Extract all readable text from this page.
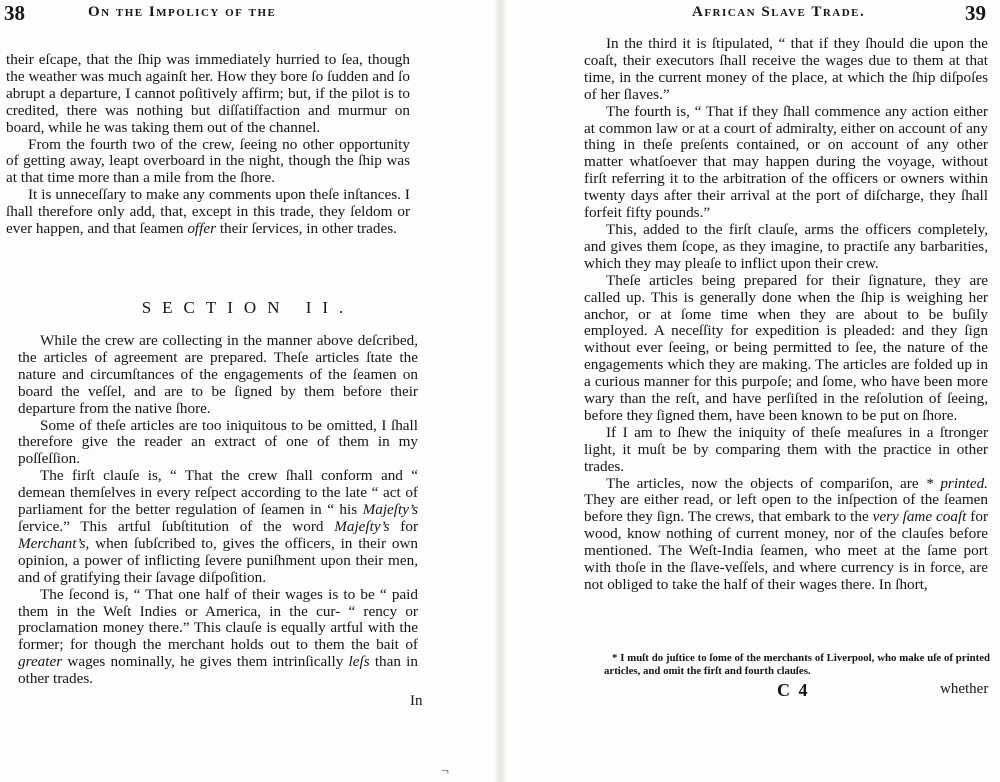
38	On the Impolicy of the

their eſcape, that the ſhip was immediately hurried to ſea, though the weather was much againſt her. How they bore ſo ſudden and ſo abrupt a departure, I cannot poſitively affirm; but, if the pilot is to credited, there was nothing but diſſatiſfaction and murmur on board, while he was taking them out of the channel.

From the fourth two of the crew, ſeeing no other opportunity of getting away, leapt overboard in the night, though the ſhip was at that time more than a mile from the ſhore.

It is unneceſſary to make any comments upon theſe inſtances. I ſhall therefore only add, that, except in this trade, they ſeldom or ever happen, and that ſeamen offer their ſervices, in other trades.

SECTION II.

While the crew are collecting in the manner above deſcribed, the articles of agreement are prepared. Theſe articles ſtate the nature and circumſtances of the engagements of the ſeamen on board the veſſel, and are to be ſigned by them before their departure from the native ſhore.

Some of theſe articles are too iniquitous to be omitted, I ſhall therefore give the reader an extract of one of them in my poſſeſſion.

The firſt clauſe is, “ That the crew ſhall conform and “ demean themſelves in every reſpect according to the late “ act of parliament for the better regulation of ſeamen in “ his Majeſty’s ſervice.” This artful ſubſtitution of the word Majeſty’s for Merchant’s, when ſubſcribed to, gives the officers, in their own opinion, a power of inflicting ſevere puniſhment upon their men, and of gratifying their ſavage diſpoſition.

The ſecond is, “ That one half of their wages is to be “ paid them in the Weſt Indies or America, in the cur- “ rency or proclamation money there.” This clauſe is equally artful with the former; for though the merchant holds out to them the bait of greater wages nominally, he gives them intrinſically leſs than in other trades.

In
African Slave Trade.	39

In the third it is ſtipulated, “ that if they ſhould die upon the coaſt, their executors ſhall receive the wages due to them at that time, in the current money of the place, at which the ſhip diſpoſes of her ſlaves.”

The fourth is, “ That if they ſhall commence any action either at common law or at a court of admiralty, either on account of any thing in theſe preſents contained, or on account of any other matter whatſoever that may happen during the voyage, without firſt referring it to the arbitration of the officers or owners within twenty days after their arrival at the port of diſcharge, they ſhall forfeit fifty pounds.”

This, added to the firſt clauſe, arms the officers completely, and gives them ſcope, as they imagine, to practiſe any barbarities, which they may pleaſe to inflict upon their crew.

Theſe articles being prepared for their ſignature, they are called up. This is generally done when the ſhip is weighing her anchor, or at ſome time when they are about to be buſily employed. A neceſſity for expedition is pleaded: and they ſign without ever ſeeing, or being permitted to ſee, the nature of the engagements which they are making. The articles are folded up in a curious manner for this purpoſe; and ſome, who have been more wary than the reſt, and have perſiſted in the reſolution of ſeeing, before they ſigned them, have been known to be put on ſhore.

If I am to ſhew the iniquity of theſe meaſures in a ſtronger light, it muſt be by comparing them with the practice in other trades.

The articles, now the objects of compariſon, are * printed. They are either read, or left open to the inſpection of the ſeamen before they ſign. The crews, that embark to the very ſame coaſt for wood, know nothing of current money, nor of the clauſes before mentioned. The Weſt-India ſeamen, who meet at the ſame port with thoſe in the ſlave-veſſels, and where currency is in force, are not obliged to take the half of their wages there. In ſhort,

* I muſt do juſtice to ſome of the merchants of Liverpool, who make uſe of printed articles, and omit the firſt and fourth clauſes.

C 4	whether
¬
